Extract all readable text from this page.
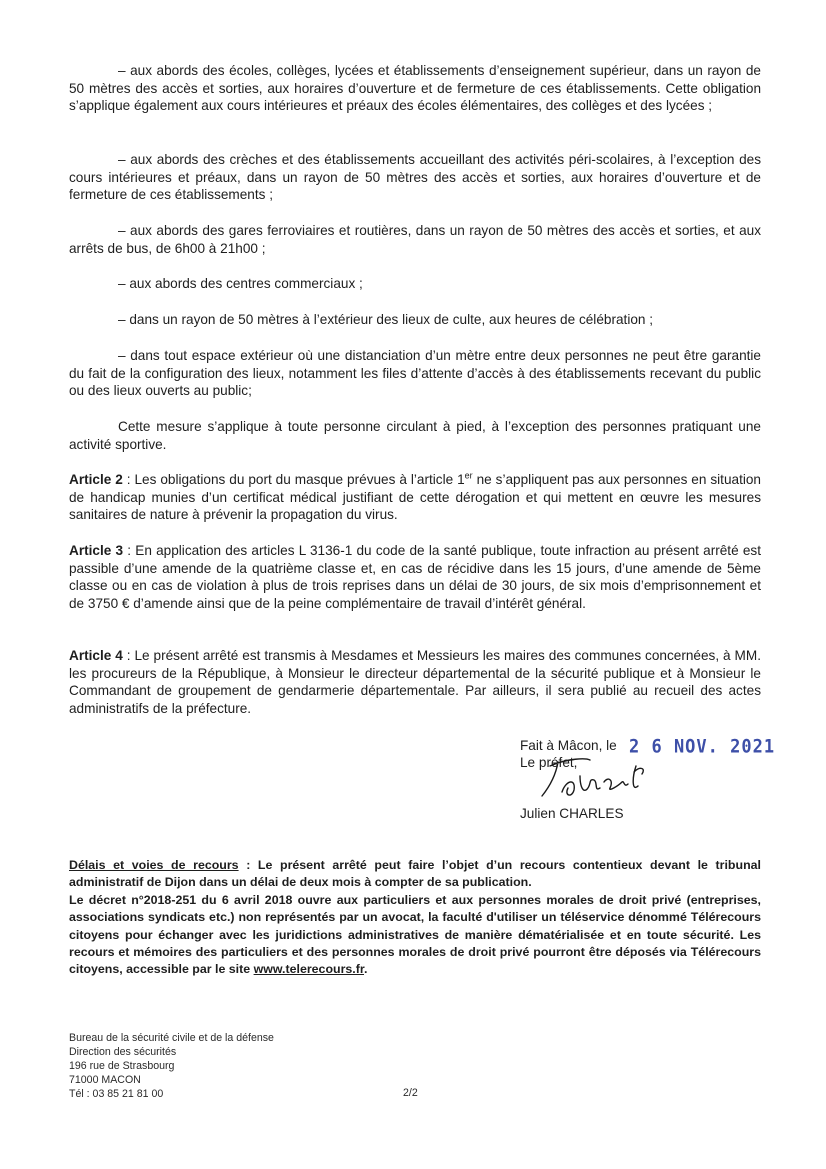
– aux abords des écoles, collèges, lycées et établissements d’enseignement supérieur, dans un rayon de 50 mètres des accès et sorties, aux horaires d’ouverture et de fermeture de ces établissements. Cette obligation s’applique également aux cours intérieures et préaux des écoles élémentaires, des collèges et des lycées ;

– aux abords des crèches et des établissements accueillant des activités péri-scolaires, à l’exception des cours intérieures et préaux, dans un rayon de 50 mètres des accès et sorties, aux horaires d’ouverture et de fermeture de ces établissements ;

– aux abords des gares ferroviaires et routières, dans un rayon de 50 mètres des accès et sorties, et aux arrêts de bus, de 6h00 à 21h00 ;

– aux abords des centres commerciaux ;

– dans un rayon de 50 mètres à l’extérieur des lieux de culte, aux heures de célébration ;

– dans tout espace extérieur où une distanciation d’un mètre entre deux personnes ne peut être garantie du fait de la configuration des lieux, notamment les files d’attente d’accès à des établissements recevant du public ou des lieux ouverts au public;

Cette mesure s’applique à toute personne circulant à pied, à l’exception des personnes pratiquant une activité sportive.

Article 2 : Les obligations du port du masque prévues à l’article 1er ne s’appliquent pas aux personnes en situation de handicap munies d’un certificat médical justifiant de cette dérogation et qui mettent en œuvre les mesures sanitaires de nature à prévenir la propagation du virus.

Article 3 : En application des articles L 3136-1 du code de la santé publique, toute infraction au présent arrêté est passible d’une amende de la quatrième classe et, en cas de récidive dans les 15 jours, d’une amende de 5ème classe ou en cas de violation à plus de trois reprises dans un délai de 30 jours, de six mois d’emprisonnement et de 3750 € d’amende ainsi que de la peine complémentaire de travail d’intérêt général.

Article 4 : Le présent arrêté est transmis à Mesdames et Messieurs les maires des communes concernées, à MM. les procureurs de la République, à Monsieur le directeur départemental de la sécurité publique et à Monsieur le Commandant de groupement de gendarmerie départementale. Par ailleurs, il sera publié au recueil des actes administratifs de la préfecture.

Fait à Mâcon, le 2 6 NOV. 2021
Le préfet,
Julien CHARLES
Délais et voies de recours : Le présent arrêté peut faire l’objet d’un recours contentieux devant le tribunal administratif de Dijon dans un délai de deux mois à compter de sa publication.
Le décret n°2018-251 du 6 avril 2018 ouvre aux particuliers et aux personnes morales de droit privé (entreprises, associations syndicats etc.) non représentés par un avocat, la faculté d'utiliser un téléservice dénommé Télérecours citoyens pour échanger avec les juridictions administratives de manière dématérialisée et en toute sécurité. Les recours et mémoires des particuliers et des personnes morales de droit privé pourront être déposés via Télérecours citoyens, accessible par le site www.telerecours.fr.
Bureau de la sécurité civile et de la défense
Direction des sécurités
196 rue de Strasbourg
71000 MACON
Tél : 03 85 21 81 00	2/2
